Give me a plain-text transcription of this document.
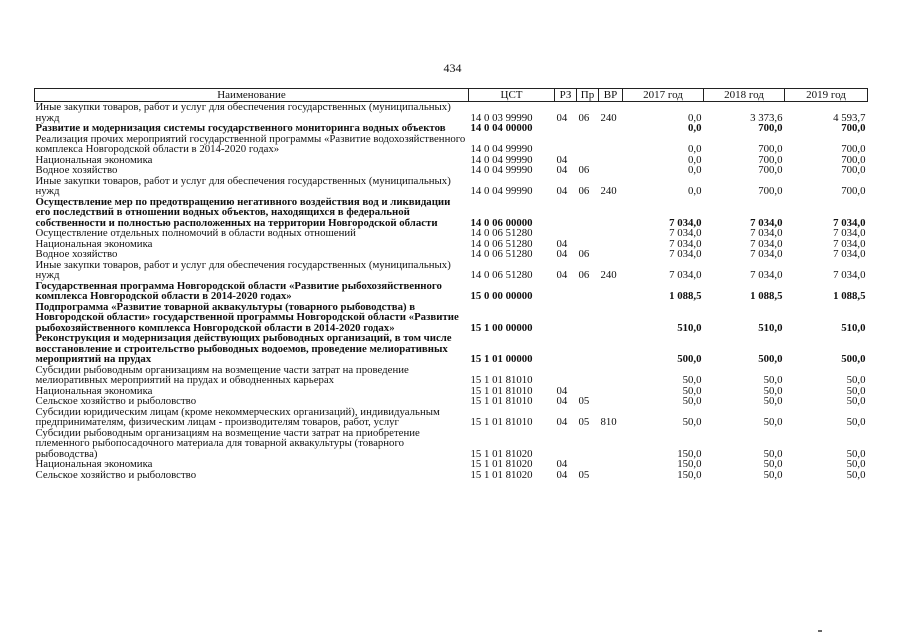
434
Наименование	ЦСТ	РЗ	Пр	ВР	2017 год	2018 год	2019 год
Иные закупки товаров, работ и услуг для обеспечения государственных (муниципальных) нужд	14 0 03 99990	04	06	240	0,0	3 373,6	4 593,7
Развитие и модернизация системы государственного мониторинга водных объектов	14 0 04 00000				0,0	700,0	700,0
Реализация прочих мероприятий государственной программы «Развитие водохозяйственного комплекса Новгородской области в 2014-2020 годах»	14 0 04 99990				0,0	700,0	700,0
Национальная экономика	14 0 04 99990	04			0,0	700,0	700,0
Водное хозяйство	14 0 04 99990	04	06		0,0	700,0	700,0
Иные закупки товаров, работ и услуг для обеспечения государственных (муниципальных) нужд	14 0 04 99990	04	06	240	0,0	700,0	700,0
Осуществление мер по предотвращению негативного воздействия вод и ликвидации его последствий в отношении водных объектов, находящихся в федеральной собственности и полностью расположенных на территории Новгородской области	14 0 06 00000				7 034,0	7 034,0	7 034,0
Осуществление отдельных полномочий в области водных отношений	14 0 06 51280				7 034,0	7 034,0	7 034,0
Национальная экономика	14 0 06 51280	04			7 034,0	7 034,0	7 034,0
Водное хозяйство	14 0 06 51280	04	06		7 034,0	7 034,0	7 034,0
Иные закупки товаров, работ и услуг для обеспечения государственных (муниципальных) нужд	14 0 06 51280	04	06	240	7 034,0	7 034,0	7 034,0
Государственная программа Новгородской области «Развитие рыбохозяйственного комплекса Новгородской области в 2014-2020 годах»	15 0 00 00000				1 088,5	1 088,5	1 088,5
Подпрограмма «Развитие товарной аквакультуры (товарного рыбоводства) в Новгородской области» государственной программы Новгородской области «Развитие рыбохозяйственного комплекса Новгородской области в 2014-2020 годах»	15 1 00 00000				510,0	510,0	510,0
Реконструкция и модернизация действующих рыбоводных организаций, в том числе восстановление и строительство рыбоводных водоемов, проведение мелиоративных мероприятий на прудах	15 1 01 00000				500,0	500,0	500,0
Субсидии рыбоводным организациям на возмещение части затрат на проведение мелиоративных мероприятий на прудах и обводненных карьерах	15 1 01 81010				50,0	50,0	50,0
Национальная экономика	15 1 01 81010	04			50,0	50,0	50,0
Сельское хозяйство и рыболовство	15 1 01 81010	04	05		50,0	50,0	50,0
Субсидии юридическим лицам (кроме некоммерческих организаций), индивидуальным предпринимателям, физическим лицам - производителям товаров, работ, услуг	15 1 01 81010	04	05	810	50,0	50,0	50,0
Субсидии рыбоводным организациям на возмещение части затрат на приобретение племенного рыбопосадочного материала для товарной аквакультуры (товарного рыбоводства)	15 1 01 81020				150,0	50,0	50,0
Национальная экономика	15 1 01 81020	04			150,0	50,0	50,0
Сельское хозяйство и рыболовство	15 1 01 81020	04	05		150,0	50,0	50,0
